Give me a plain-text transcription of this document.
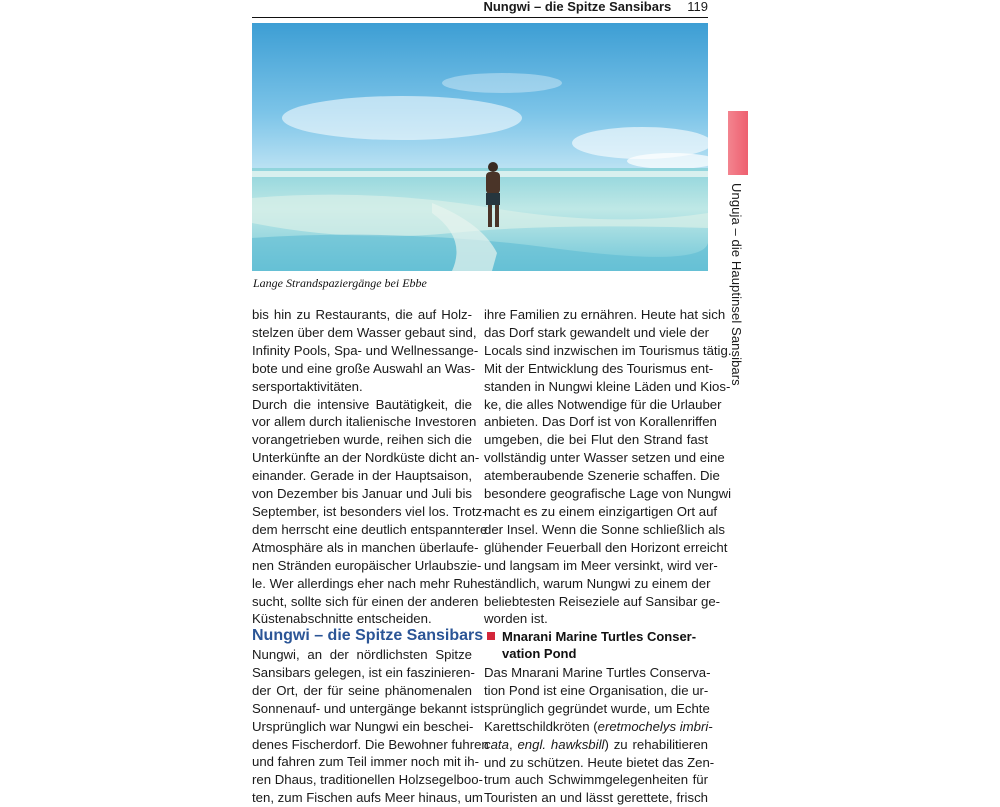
Nungwi – die Spitze Sansibars 119
Lange Strandspaziergänge bei Ebbe	Unguja – die Hauptinsel Sansibars
bis hin zu Restaurants, die auf Holz-
stelzen über dem Wasser gebaut sind,
Infinity Pools, Spa- und Wellnessange-
bote und eine große Auswahl an Was-
sersportaktivitäten.
Durch die intensive Bautätigkeit, die
vor allem durch italienische Investoren
vorangetrieben wurde, reihen sich die
Unterkünfte an der Nordküste dicht an-
einander. Gerade in der Hauptsaison,
von Dezember bis Januar und Juli bis
September, ist besonders viel los. Trotz-
dem herrscht eine deutlich entspanntere
Atmosphäre als in manchen überlaufe-
nen Stränden europäischer Urlaubszie-
le. Wer allerdings eher nach mehr Ruhe
sucht, sollte sich für einen der anderen
Küstenabschnitte entscheiden.
Nungwi – die Spitze Sansibars
Nungwi, an der nördlichsten Spitze
Sansibars gelegen, ist ein faszinieren-
der Ort, der für seine phänomenalen
Sonnenauf- und untergänge bekannt ist.
Ursprünglich war Nungwi ein beschei-
denes Fischerdorf. Die Bewohner fuhren
und fahren zum Teil immer noch mit ih-
ren Dhaus, traditionellen Holzsegelboo-
ten, zum Fischen aufs Meer hinaus, um
ihre Familien zu ernähren. Heute hat sich
das Dorf stark gewandelt und viele der
Locals sind inzwischen im Tourismus tätig.
Mit der Entwicklung des Tourismus ent-
standen in Nungwi kleine Läden und Kios-
ke, die alles Notwendige für die Urlauber
anbieten. Das Dorf ist von Korallenriffen
umgeben, die bei Flut den Strand fast
vollständig unter Wasser setzen und eine
atemberaubende Szenerie schaffen. Die
besondere geografische Lage von Nungwi
macht es zu einem einzigartigen Ort auf
der Insel. Wenn die Sonne schließlich als
glühender Feuerball den Horizont erreicht
und langsam im Meer versinkt, wird ver-
ständlich, warum Nungwi zu einem der
beliebtesten Reiseziele auf Sansibar ge-
worden ist.
Mnarani Marine Turtles Conser-
vation Pond
Das Mnarani Marine Turtles Conserva-
tion Pond ist eine Organisation, die ur-
sprünglich gegründet wurde, um Echte
Karettschildkröten (eretmochelys imbri-
cata, engl. hawksbill) zu rehabilitieren
und zu schützen. Heute bietet das Zen-
trum auch Schwimmgelegenheiten für
Touristen an und lässt gerettete, frisch
